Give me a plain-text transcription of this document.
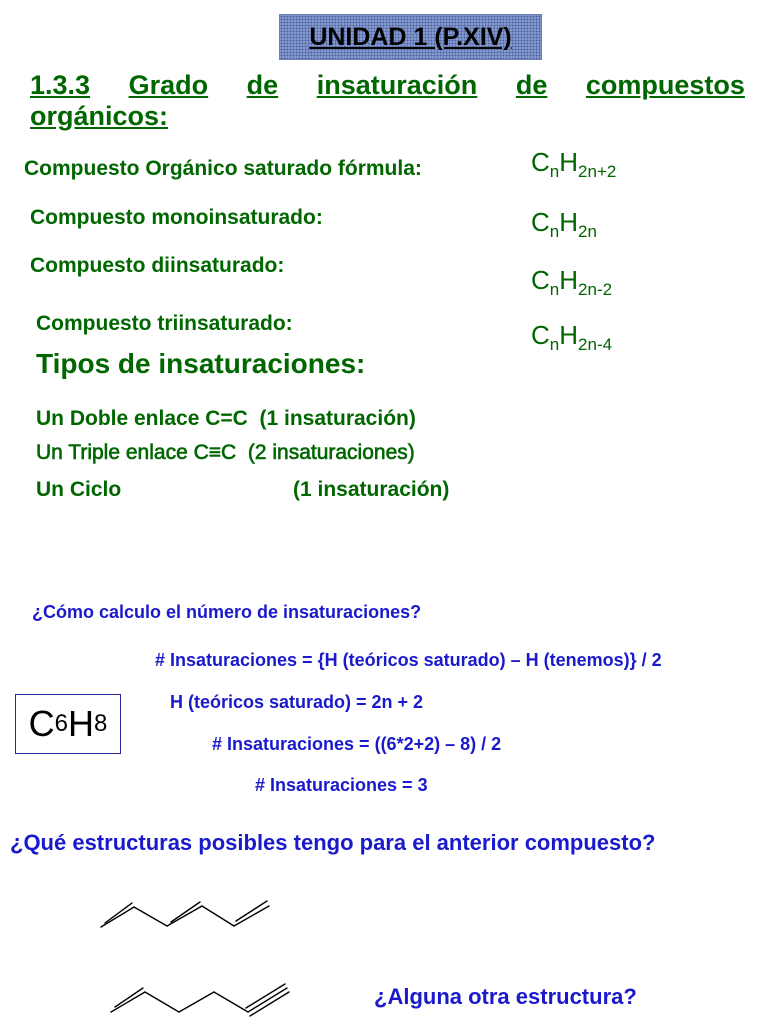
UNIDAD 1 (P.XIV)
1.3.3 Grado de insaturación de compuestos
orgánicos:
Compuesto Orgánico saturado fórmula:	$C_nH_{2n+2}$
Compuesto monoinsaturado:	$C_nH_{2n}$
Compuesto diinsaturado:	$C_nH_{2n-2}$
Compuesto triinsaturado:	$C_nH_{2n-4}$
Tipos de insaturaciones:
Un Doble enlace C=C (1 insaturación)
Un Triple enlace C≡C (2 insaturaciones)
Un Ciclo	(1 insaturación)
¿Cómo calculo el número de insaturaciones?
# Insaturaciones = {H (teóricos saturado) – H (tenemos)} / 2
H (teóricos saturado) = 2n + 2
# Insaturaciones = ((6*2+2) – 8) / 2
# Insaturaciones = 3
C 6 H 8
¿Qué estructuras posibles tengo para el anterior compuesto?
¿Alguna otra estructura?
